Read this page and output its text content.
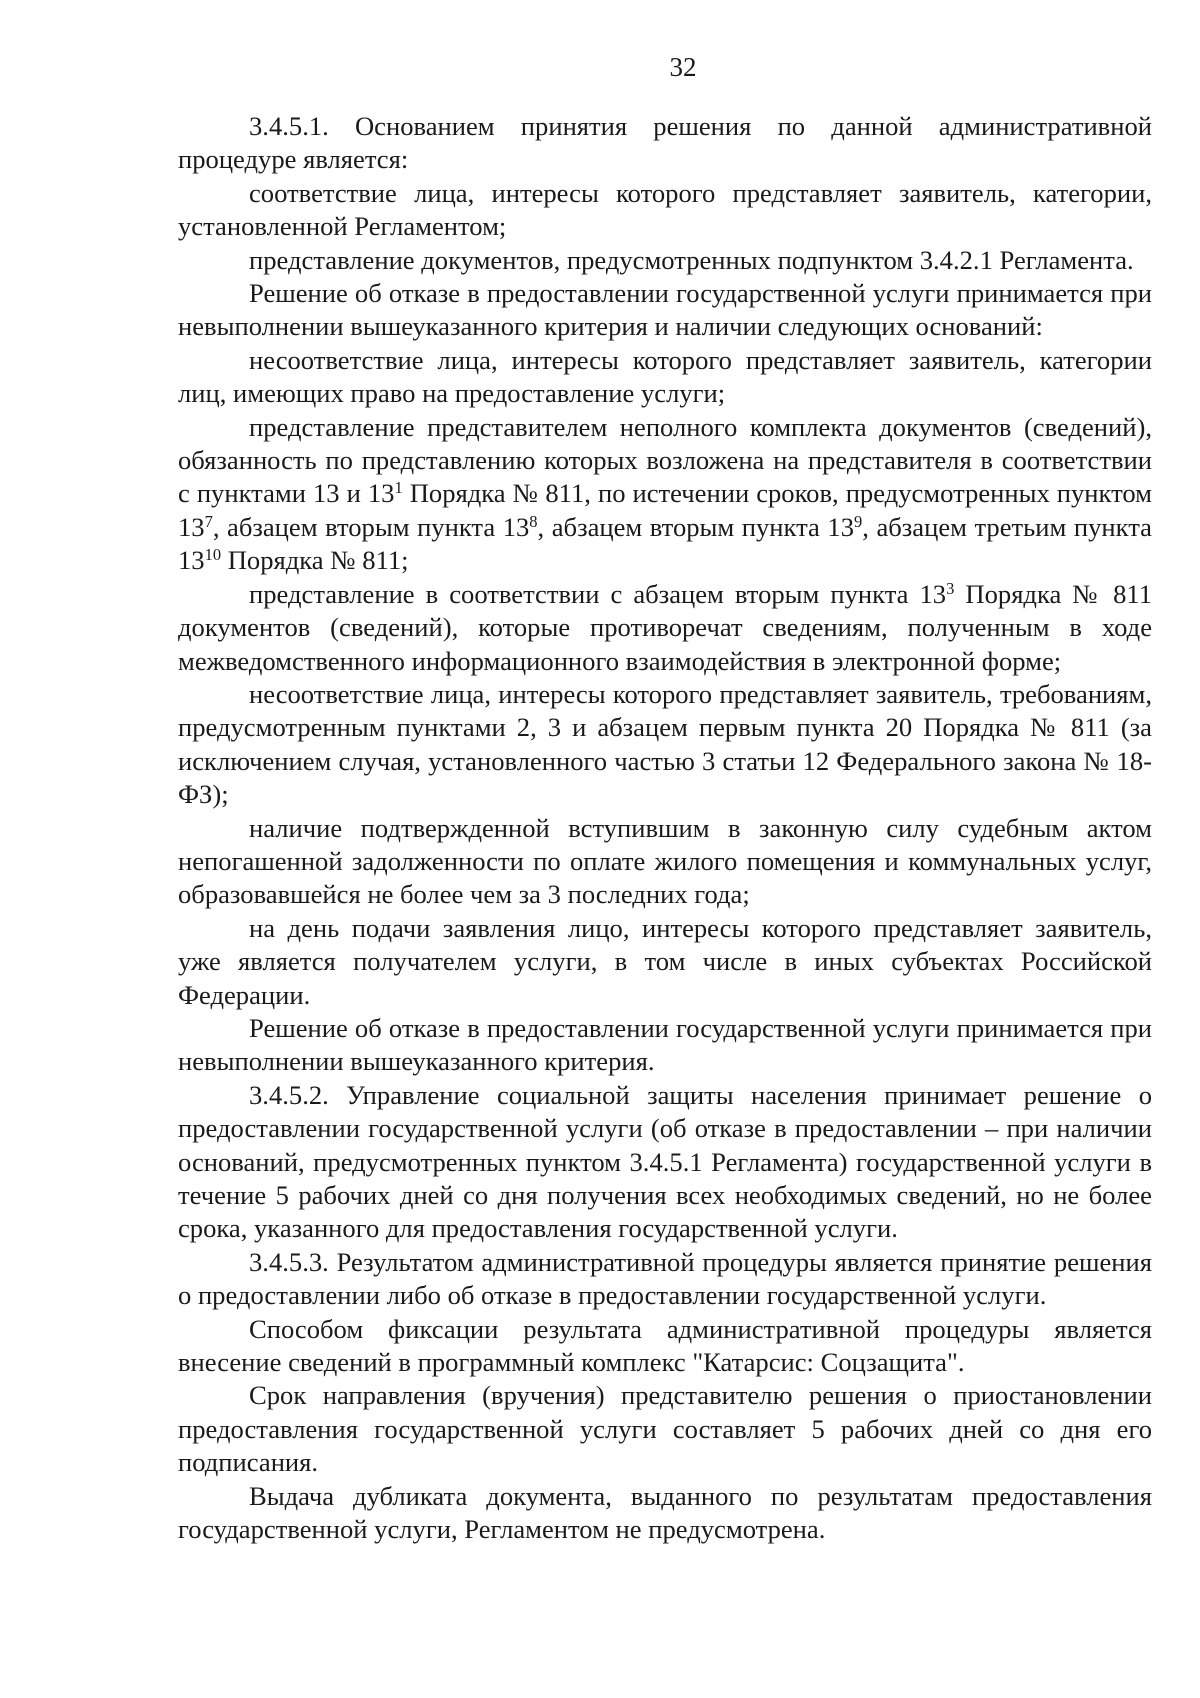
32

3.4.5.1. Основанием принятия решения по данной административной процедуре является:

соответствие лица, интересы которого представляет заявитель, категории, установленной Регламентом;

представление документов, предусмотренных подпунктом 3.4.2.1 Регламента.

Решение об отказе в предоставлении государственной услуги принимается при невыполнении вышеуказанного критерия и наличии следующих оснований:

несоответствие лица, интересы которого представляет заявитель, категории лиц, имеющих право на предоставление услуги;

представление представителем неполного комплекта документов (сведений), обязанность по представлению которых возложена на представителя в соответствии с пунктами 13 и $13^1$ Порядка № 811, по истечении сроков, предусмотренных пунктом $13^7$, абзацем вторым пункта $13^8$, абзацем вторым пункта $13^9$, абзацем третьим пункта $13^{10}$ Порядка № 811;

представление в соответствии с абзацем вторым пункта $13^3$ Порядка № 811 документов (сведений), которые противоречат сведениям, полученным в ходе межведомственного информационного взаимодействия в электронной форме;

несоответствие лица, интересы которого представляет заявитель, требованиям, предусмотренным пунктами 2, 3 и абзацем первым пункта 20 Порядка № 811 (за исключением случая, установленного частью 3 статьи 12 Федерального закона № 18-ФЗ);

наличие подтвержденной вступившим в законную силу судебным актом непогашенной задолженности по оплате жилого помещения и коммунальных услуг, образовавшейся не более чем за 3 последних года;

на день подачи заявления лицо, интересы которого представляет заявитель, уже является получателем услуги, в том числе в иных субъектах Российской Федерации.

Решение об отказе в предоставлении государственной услуги принимается при невыполнении вышеуказанного критерия.

3.4.5.2. Управление социальной защиты населения принимает решение о предоставлении государственной услуги (об отказе в предоставлении – при наличии оснований, предусмотренных пунктом 3.4.5.1 Регламента) государственной услуги в течение 5 рабочих дней со дня получения всех необходимых сведений, но не более срока, указанного для предоставления государственной услуги.

3.4.5.3. Результатом административной процедуры является принятие решения о предоставлении либо об отказе в предоставлении государственной услуги.

Способом фиксации результата административной процедуры является внесение сведений в программный комплекс "Катарсис: Соцзащита".

Срок направления (вручения) представителю решения о приостановлении предоставления государственной услуги составляет 5 рабочих дней со дня его подписания.

Выдача дубликата документа, выданного по результатам предоставления государственной услуги, Регламентом не предусмотрена.
